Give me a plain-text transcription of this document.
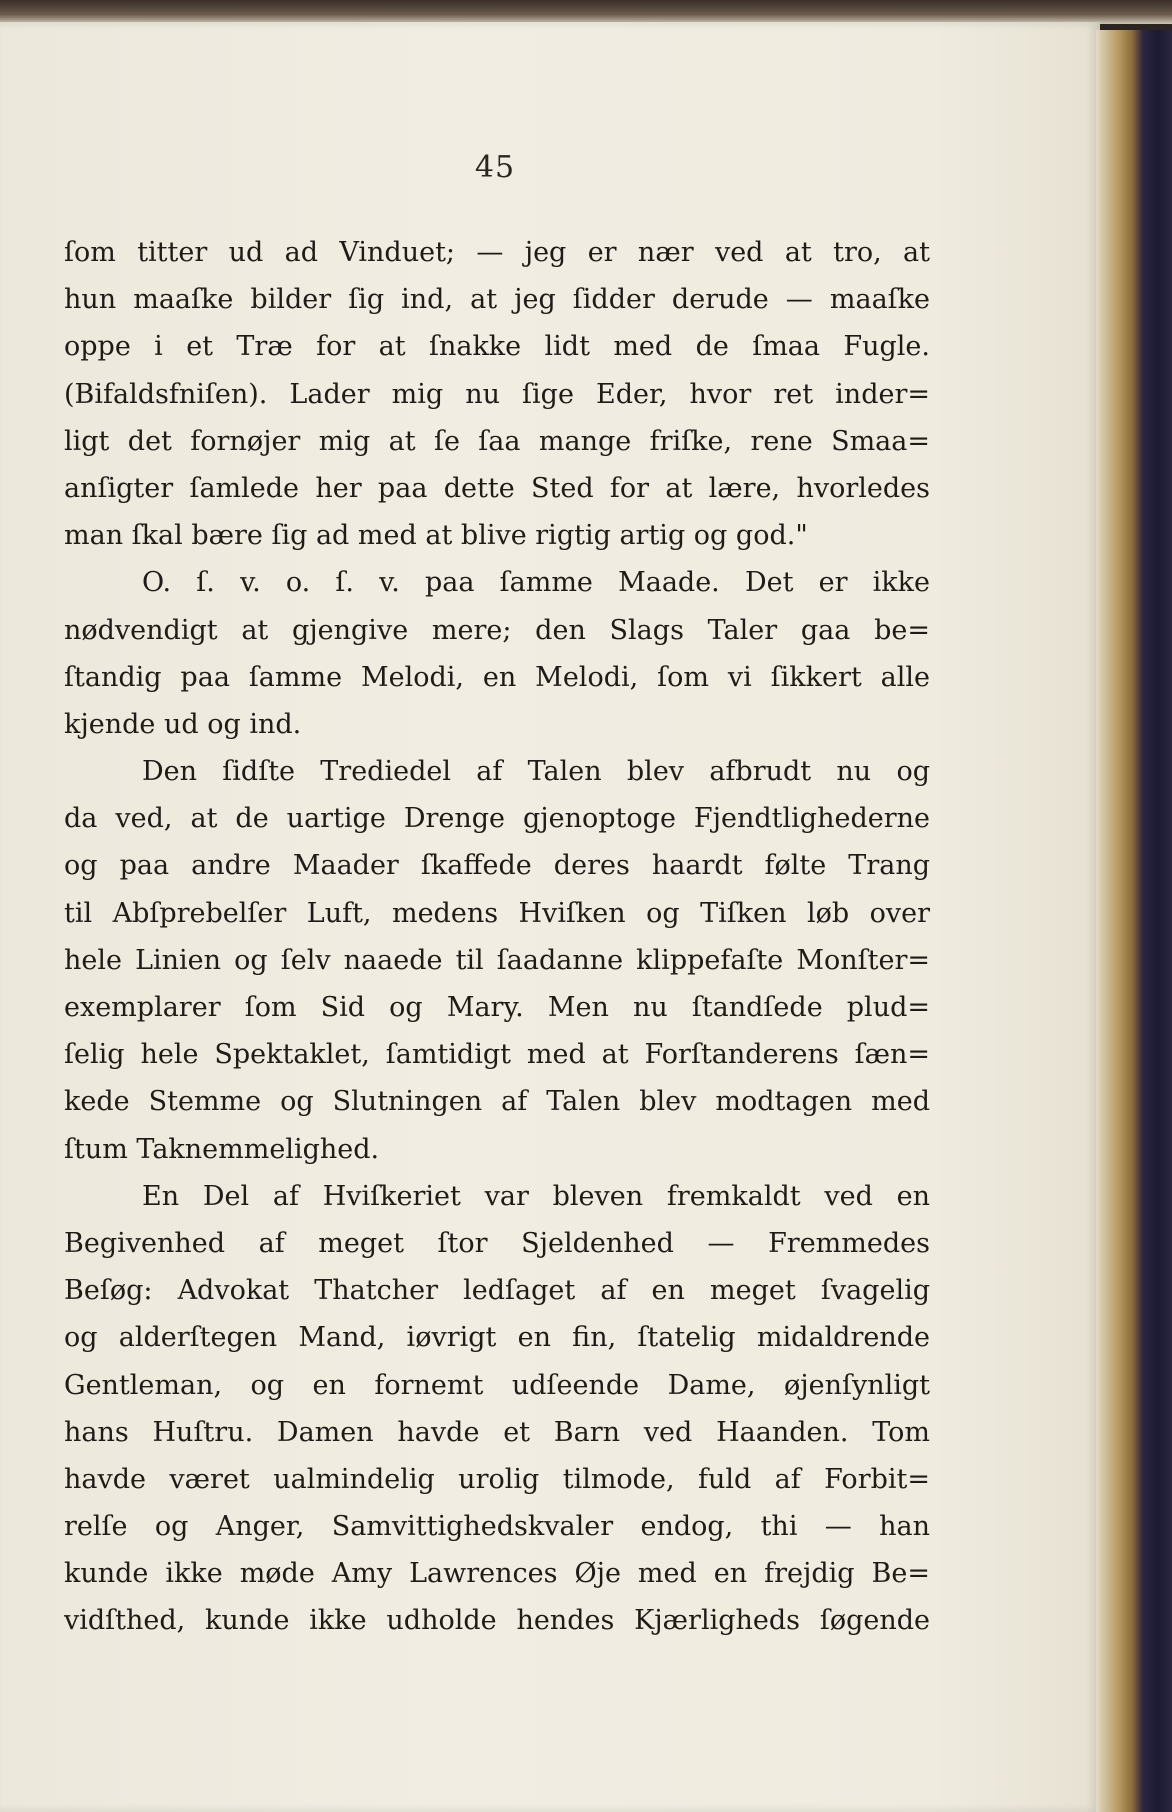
45
ſom titter ud ad Vinduet; — jeg er nær ved at tro, at
hun maaſke bilder ſig ind, at jeg ſidder derude — maaſke
oppe i et Træ for at ſnakke lidt med de ſmaa Fugle.
(Bifaldsfniſen). Lader mig nu ſige Eder, hvor ret inder=
ligt det fornøjer mig at ſe ſaa mange friſke, rene Smaa=
anſigter ſamlede her paa dette Sted for at lære, hvorledes
man ſkal bære ſig ad med at blive rigtig artig og god."
O. ſ. v. o. ſ. v. paa ſamme Maade. Det er ikke
nødvendigt at gjengive mere; den Slags Taler gaa be=
ſtandig paa ſamme Melodi, en Melodi, ſom vi ſikkert alle
kjende ud og ind.
Den ſidſte Trediedel af Talen blev afbrudt nu og
da ved, at de uartige Drenge gjenoptoge Fjendtlighederne
og paa andre Maader ſkaffede deres haardt følte Trang
til Abſprebelſer Luft, medens Hviſken og Tiſken løb over
hele Linien og ſelv naaede til ſaadanne klippefaſte Monſter=
exemplarer ſom Sid og Mary. Men nu ſtandſede plud=
ſelig hele Spektaklet, ſamtidigt med at Forſtanderens ſæn=
kede Stemme og Slutningen af Talen blev modtagen med
ſtum Taknemmelighed.
En Del af Hviſkeriet var bleven fremkaldt ved en
Begivenhed af meget ſtor Sjeldenhed — Fremmedes
Beſøg: Advokat Thatcher ledſaget af en meget ſvagelig
og alderſtegen Mand, iøvrigt en fin, ſtatelig midaldrende
Gentleman, og en fornemt udſeende Dame, øjenſynligt
hans Huſtru. Damen havde et Barn ved Haanden. Tom
havde været ualmindelig urolig tilmode, fuld af Forbit=
relſe og Anger, Samvittighedskvaler endog, thi — han
kunde ikke møde Amy Lawrences Øje med en frejdig Be=
vidſthed, kunde ikke udholde hendes Kjærligheds ſøgende
